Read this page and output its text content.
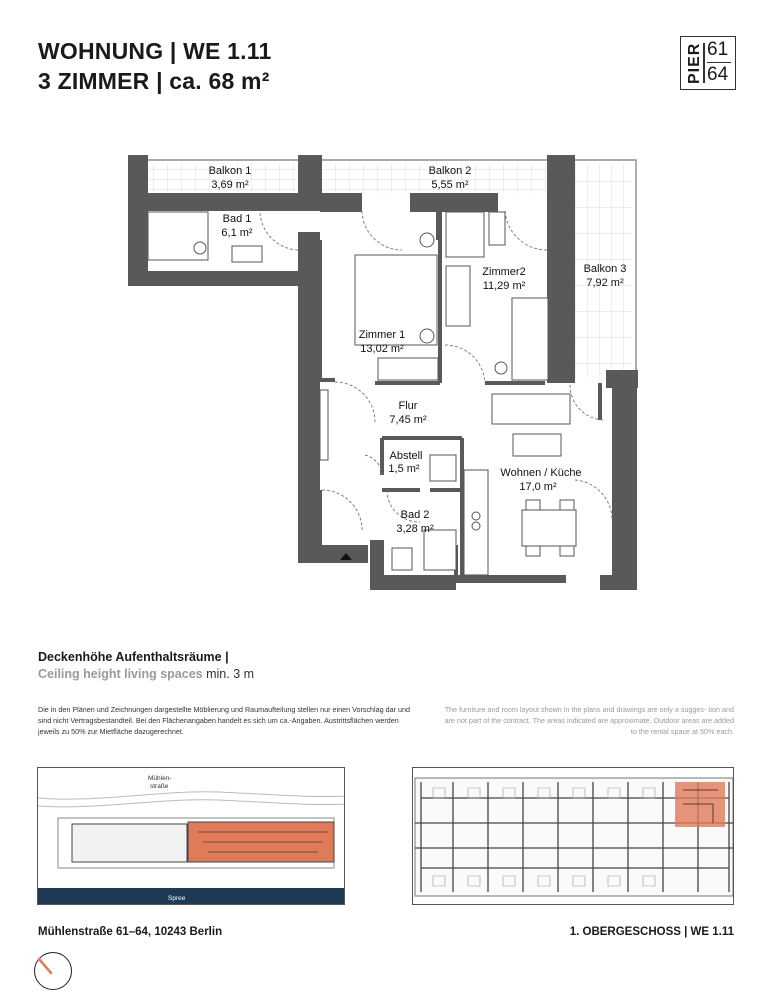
WOHNUNG | WE 1.11
3 ZIMMER | ca. 68 m²	PIER 61
64
Balkon 1
3,69 m²
Balkon 2
5,55 m²
Balkon 3
7,92 m²
Bad 1
6,1 m²
Zimmer2
11,29 m²
Zimmer 1
13,02 m²
Flur
7,45 m²
Abstell
1,5 m²	Wohnen / Küche
17,0 m²
Bad 2
3,28 m²
Deckenhöhe Aufenthaltsräume |
Ceiling height living spaces min. 3 m
Die in den Plänen und Zeichnungen dargestellte Möblierung und Raumaufteilung stellen nur einen Vorschlag dar und sind nicht Vertragsbestandteil. Bei den Flächenangaben handelt es sich um ca.-Angaben. Austrittsflächen werden jeweils zu 50% zur Mietfläche dazugerechnet.
The furniture and room layout shown in the plans and drawings are only a sugges- tion and are not part of the contract. The areas indicated are approximate. Outdoor areas are added to the rental space at 50% each.
Mühlen-
straße
Spree
Mühlenstraße 61–64, 10243 Berlin	1. OBERGESCHOSS | WE 1.11
